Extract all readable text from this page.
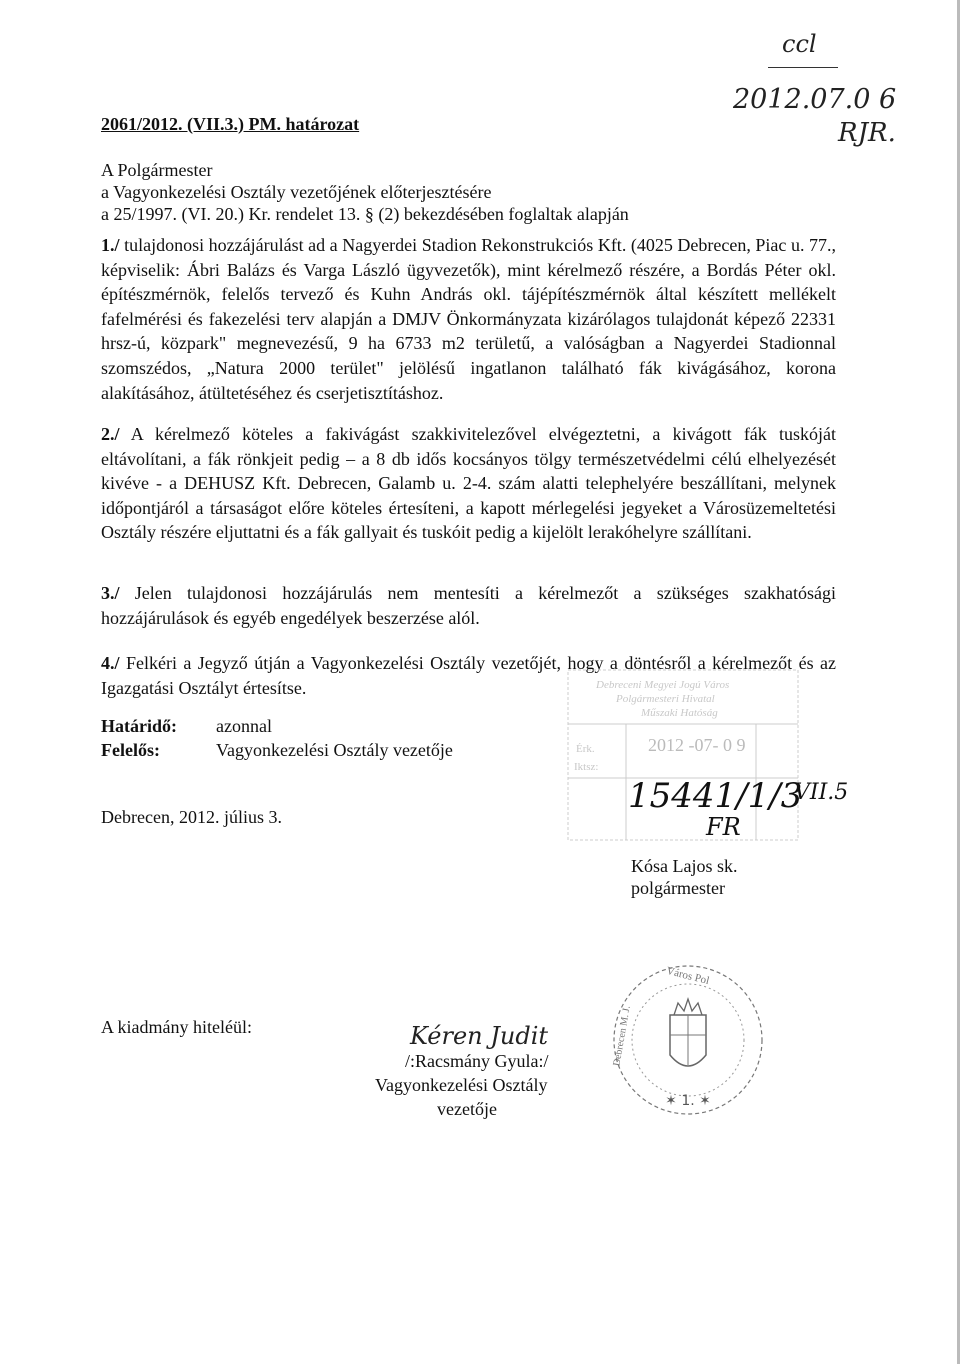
2061/2012. (VII.3.) PM. határozat
A Polgármester
a Vagyonkezelési Osztály vezetőjének előterjesztésére
a 25/1997. (VI. 20.) Kr. rendelet 13. § (2) bekezdésében foglaltak alapján
ccl
2012.07.0 6
RJR.
1./ tulajdonosi hozzájárulást ad a Nagyerdei Stadion Rekonstrukciós Kft. (4025 Debrecen, Piac u. 77., képviselik: Ábri Balázs és Varga László ügyvezetők), mint kérelmező részére, a Bordás Péter okl. építészmérnök, felelős tervező és Kuhn András okl. tájépítészmérnök által készített mellékelt fafelmérési és fakezelési terv alapján a DMJV Önkormányzata kizárólagos tulajdonát képező 22331 hrsz-ú, közpark" megnevezésű, 9 ha 6733 m2 területű, a valóságban a Nagyerdei Stadionnal szomszédos, „Natura 2000 terület" jelölésű ingatlanon található fák kivágásához, korona alakításához, átültetéséhez és cserjetisztításhoz.
2./ A kérelmező köteles a fakivágást szakkivitelezővel elvégeztetni, a kivágott fák tuskóját eltávolítani, a fák rönkjeit pedig – a 8 db idős kocsányos tölgy természetvédelmi célú elhelyezését kivéve - a DEHUSZ Kft. Debrecen, Galamb u. 2-4. szám alatti telephelyére beszállítani, melynek időpontjáról a társaságot előre köteles értesíteni, a kapott mérlegelési jegyeket a Városüzemeltetési Osztály részére eljuttatni és a fák gallyait és tuskóit pedig a kijelölt lerakóhelyre szállítani.
3./ Jelen tulajdonosi hozzájárulás nem mentesíti a kérelmezőt a szükséges szakhatósági hozzájárulások és egyéb engedélyek beszerzése alól.
4./ Felkéri a Jegyző útján a Vagyonkezelési Osztály vezetőjét, hogy a döntésről a kérelmezőt és az Igazgatási Osztályt értesítse.
Határidő: azonnal
Felelős:	Vagyonkezelési Osztály vezetője
Debrecen, 2012. július 3.
Debreceni Megyei Jogú Város
Polgármesteri Hivatal
Műszaki Hatóság
Érk.	2012 -07- 0 9
Iktsz:
15441/1/3
VII.5
FR
Kósa Lajos sk.
polgármester
A kiadmány hiteléül:	Kéren Judit
/:Racsmány Gyula:/
Vagyonkezelési Osztály
vezetője	✶ 1. ✶
Város Pol
Debrecen M. J.
